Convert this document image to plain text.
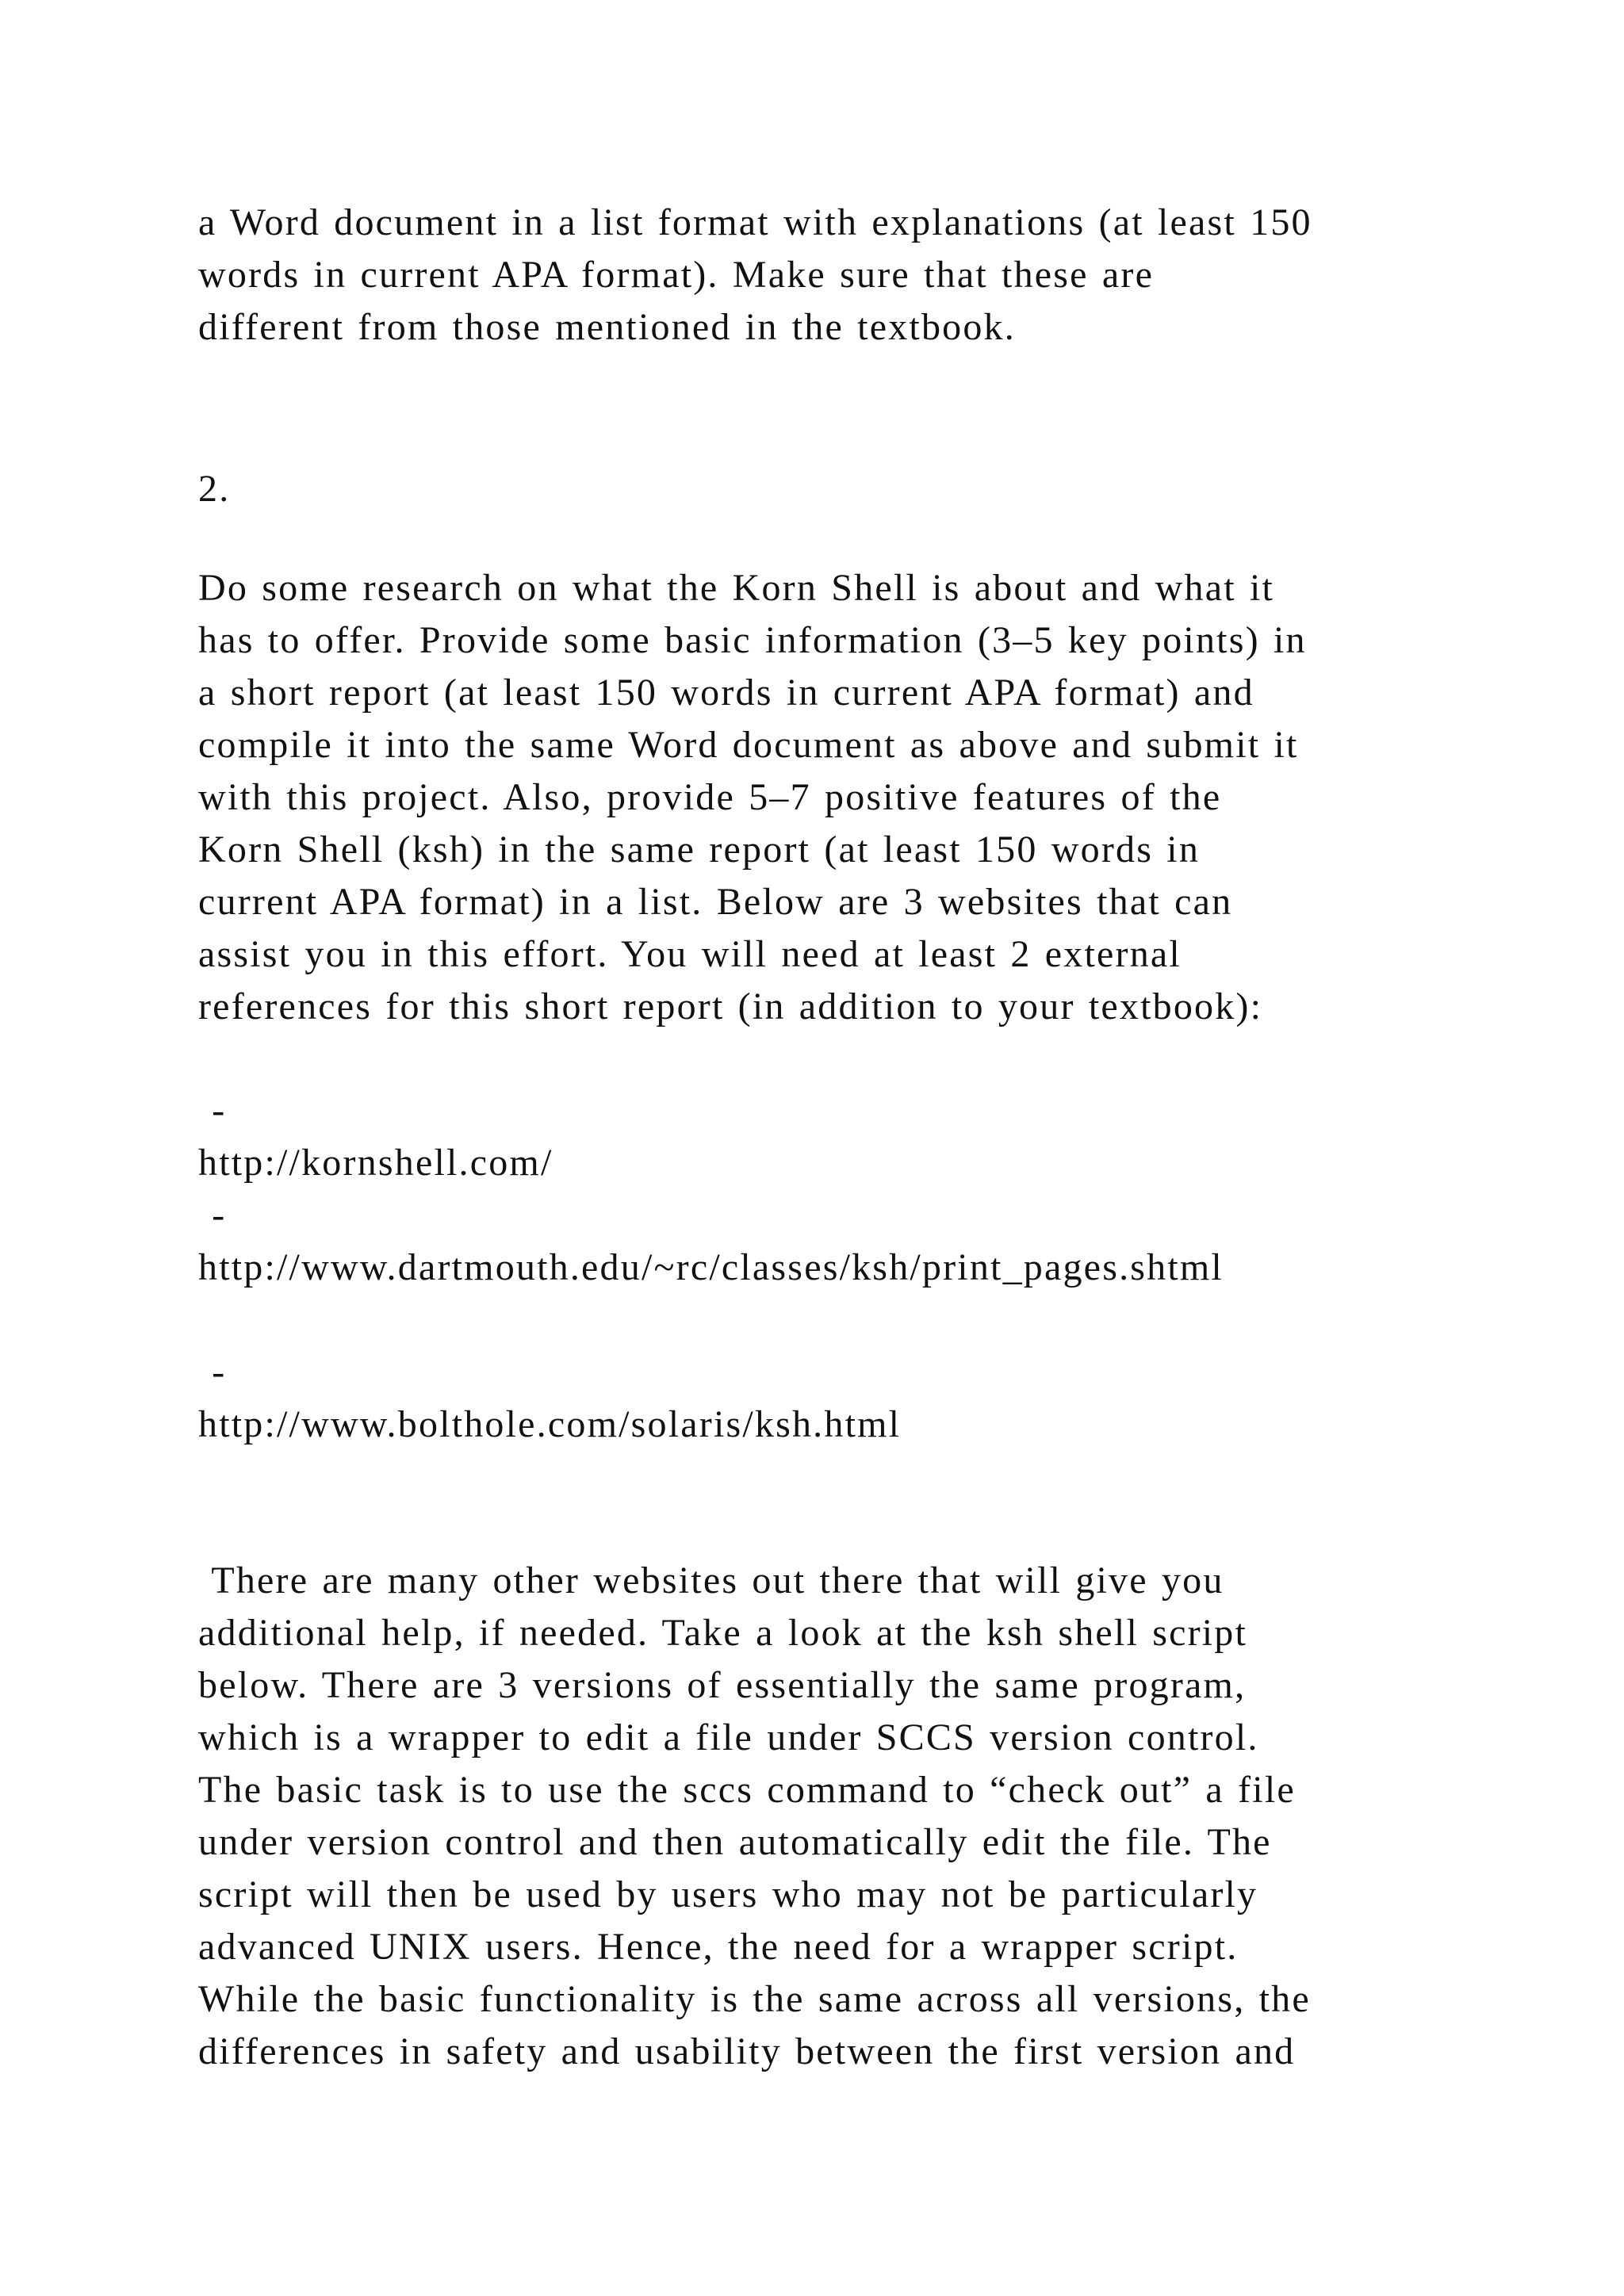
a Word document in a list format with explanations (at least 150
words in current APA format). Make sure that these are
different from those mentioned in the textbook.
2.
Do some research on what the Korn Shell is about and what it
has to offer. Provide some basic information (3–5 key points) in
a short report (at least 150 words in current APA format) and
compile it into the same Word document as above and submit it
with this project. Also, provide 5–7 positive features of the
Korn Shell (ksh) in the same report (at least 150 words in
current APA format) in a list. Below are 3 websites that can
assist you in this effort. You will need at least 2 external
references for this short report (in addition to your textbook):
-
http://kornshell.com/
-
http://www.dartmouth.edu/~rc/classes/ksh/print_pages.shtml
-
http://www.bolthole.com/solaris/ksh.html
There are many other websites out there that will give you
additional help, if needed. Take a look at the ksh shell script
below. There are 3 versions of essentially the same program,
which is a wrapper to edit a file under SCCS version control.
The basic task is to use the sccs command to “check out” a file
under version control and then automatically edit the file. The
script will then be used by users who may not be particularly
advanced UNIX users. Hence, the need for a wrapper script.
While the basic functionality is the same across all versions, the
differences in safety and usability between the first version and
